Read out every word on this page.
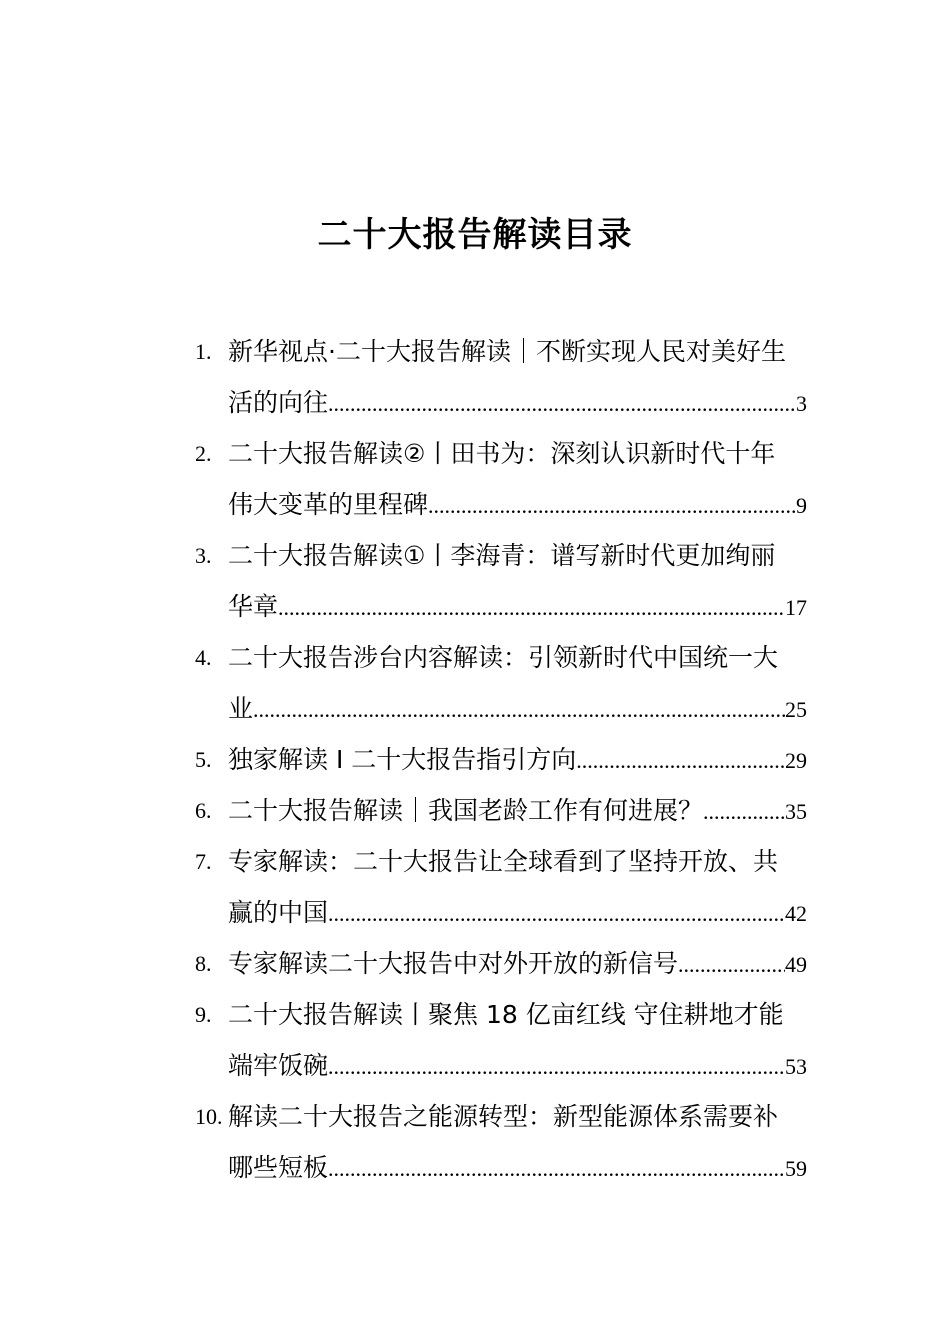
二十大报告解读目录
1. 新华视点·二十大报告解读｜不断实现人民对美好生
活的向往 .....	3
2. 二十大报告解读②丨田书为：深刻认识新时代十年
伟大变革的里程碑 .....	9
3. 二十大报告解读①丨李海青：谱写新时代更加绚丽
华章 .....	17
4. 二十大报告涉台内容解读：引领新时代中国统一大
业 .....	25
5. 独家解读 I 二十大报告指引方向 .....	29
6. 二十大报告解读｜我国老龄工作有何进展？ .....	35
7. 专家解读：二十大报告让全球看到了坚持开放、共
赢的中国 .....	42
8. 专家解读二十大报告中对外开放的新信号 .....	49
9. 二十大报告解读丨聚焦 18 亿亩红线 守住耕地才能
端牢饭碗 .....	53
10. 解读二十大报告之能源转型：新型能源体系需要补
哪些短板 .....	59
